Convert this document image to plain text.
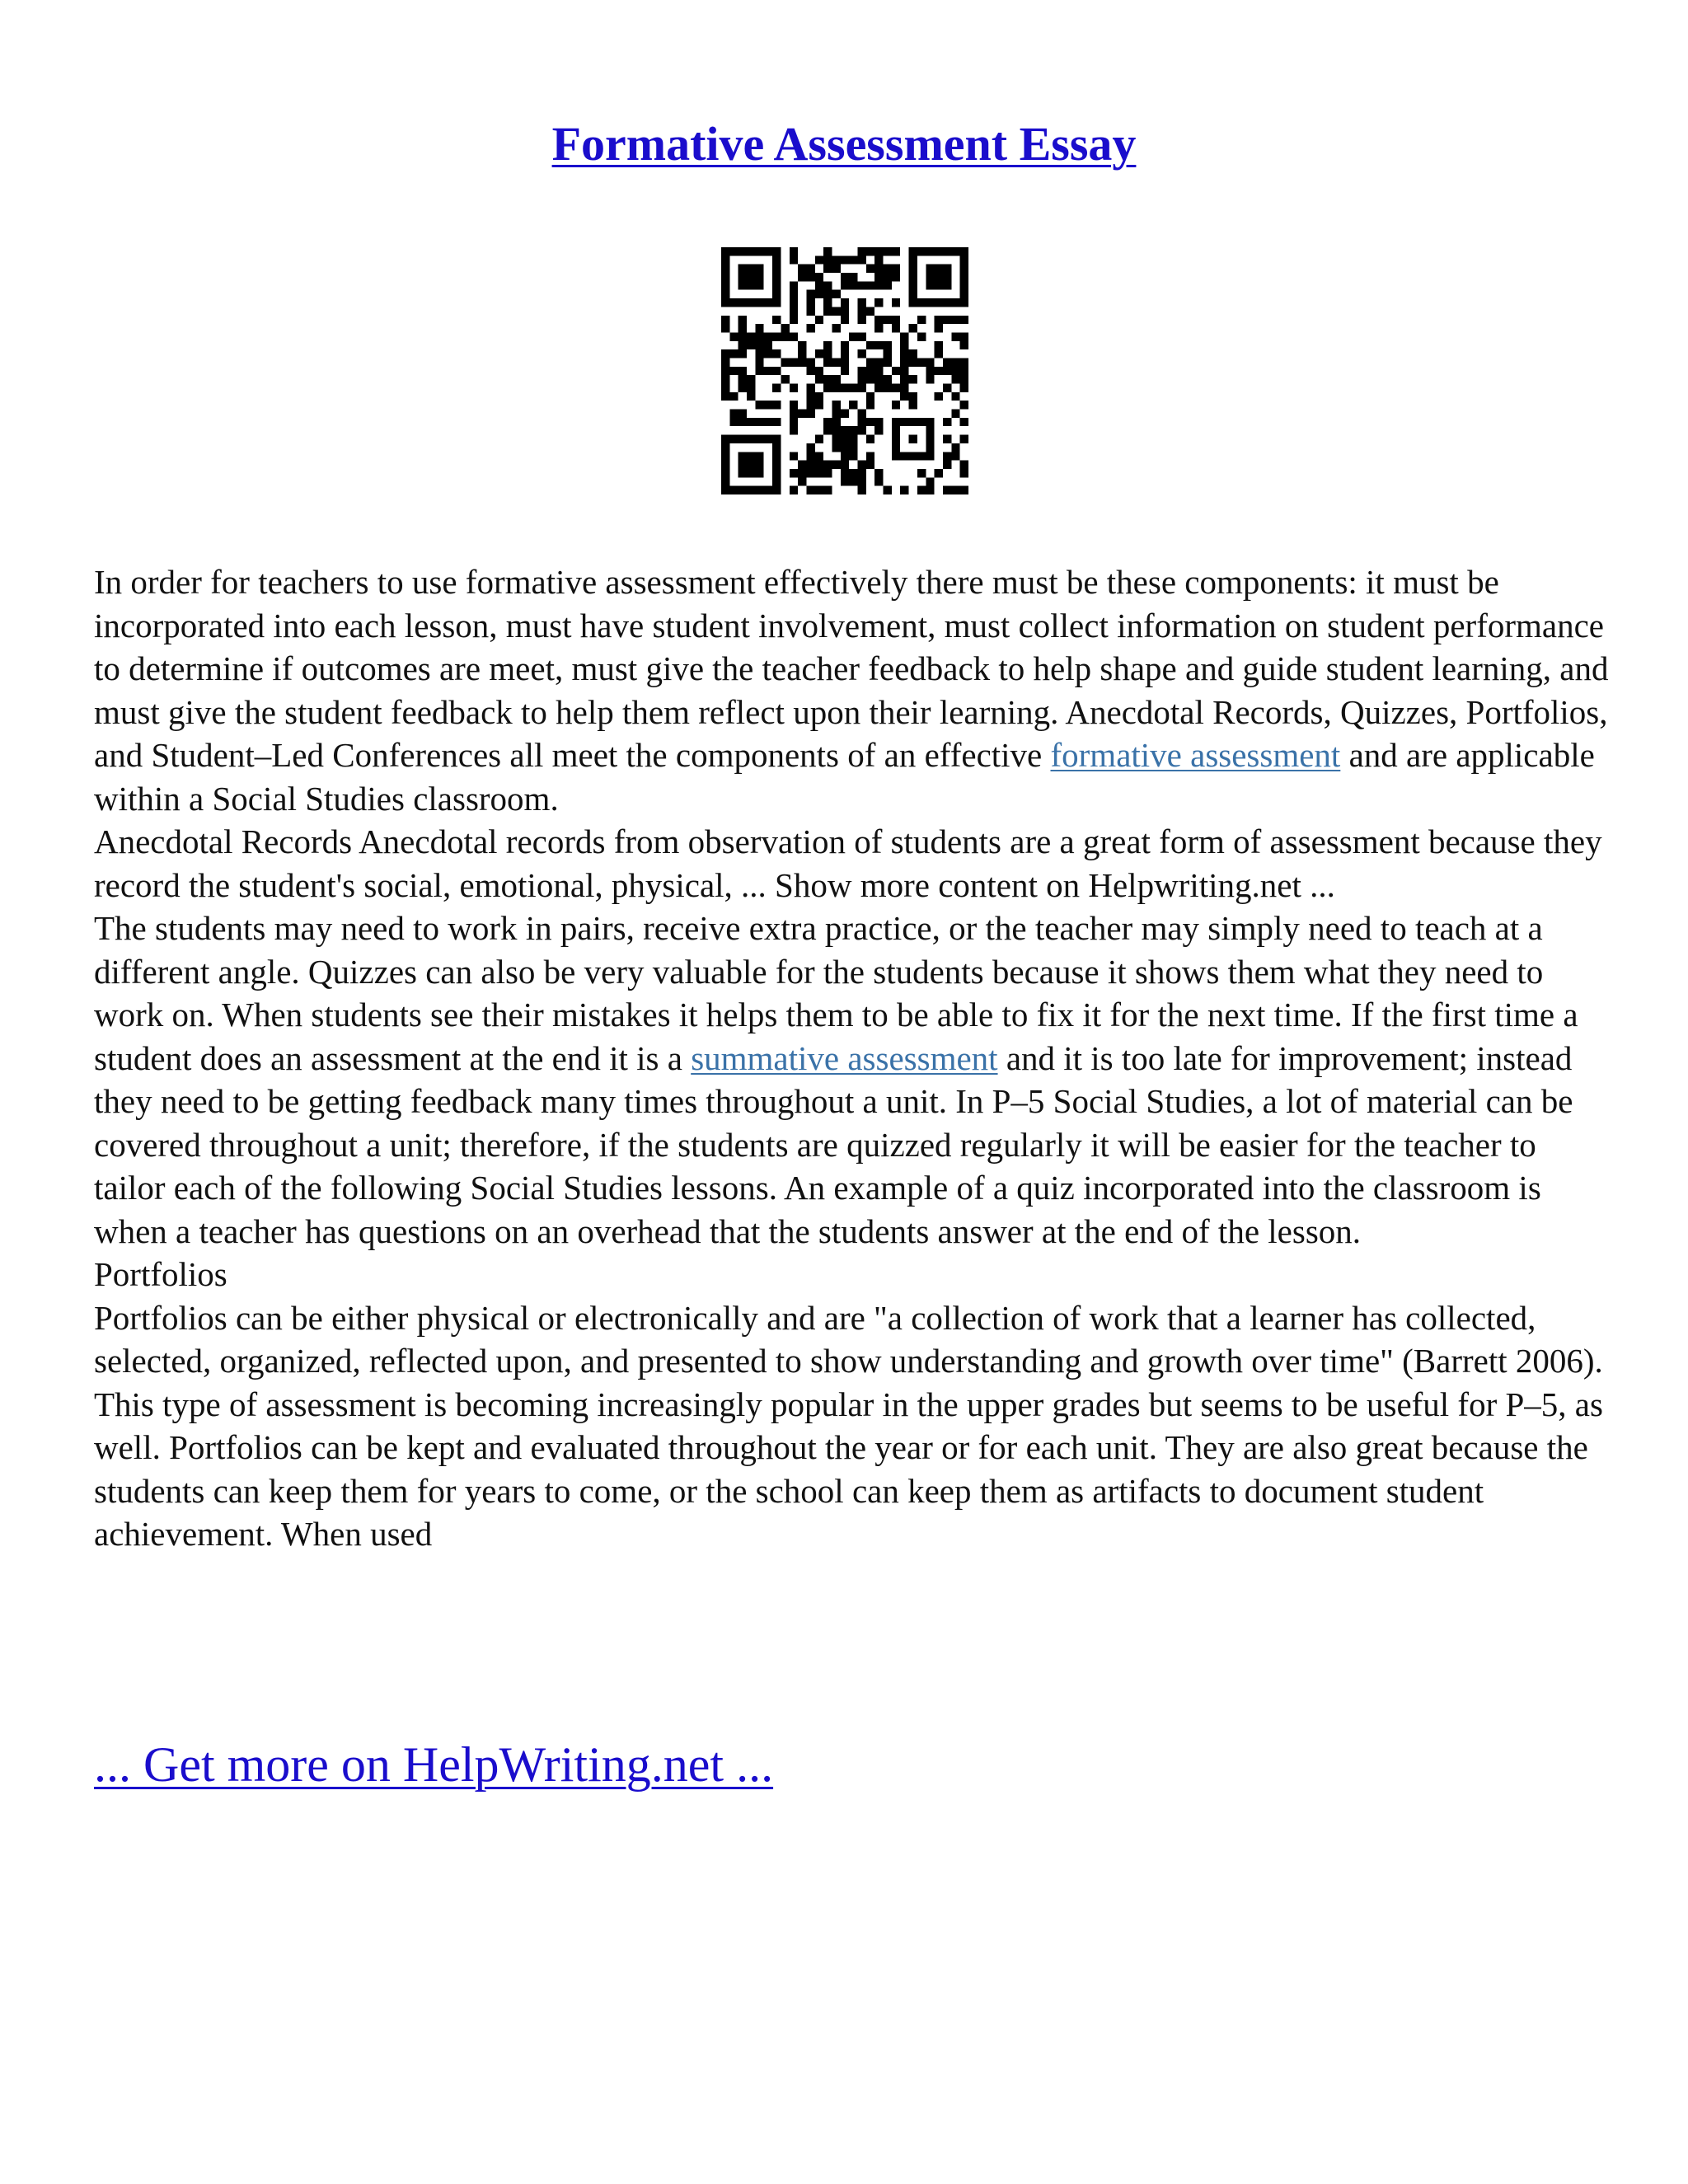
Formative Assessment Essay

In order for teachers to use formative assessment effectively there must be these components: it must be incorporated into each lesson, must have student involvement, must collect information on student performance to determine if outcomes are meet, must give the teacher feedback to help shape and guide student learning, and must give the student feedback to help them reflect upon their learning. Anecdotal Records, Quizzes, Portfolios, and Student–Led Conferences all meet the components of an effective formative assessment and are applicable within a Social Studies classroom.

Anecdotal Records Anecdotal records from observation of students are a great form of assessment because they record the student's social, emotional, physical, ... Show more content on Helpwriting.net ...

The students may need to work in pairs, receive extra practice, or the teacher may simply need to teach at a different angle. Quizzes can also be very valuable for the students because it shows them what they need to work on. When students see their mistakes it helps them to be able to fix it for the next time. If the first time a student does an assessment at the end it is a summative assessment and it is too late for improvement; instead they need to be getting feedback many times throughout a unit. In P–5 Social Studies, a lot of material can be covered throughout a unit; therefore, if the students are quizzed regularly it will be easier for the teacher to tailor each of the following Social Studies lessons. An example of a quiz incorporated into the classroom is when a teacher has questions on an overhead that the students answer at the end of the lesson.

Portfolios

Portfolios can be either physical or electronically and are "a collection of work that a learner has collected, selected, organized, reflected upon, and presented to show understanding and growth over time" (Barrett 2006). This type of assessment is becoming increasingly popular in the upper grades but seems to be useful for P–5, as well. Portfolios can be kept and evaluated throughout the year or for each unit. They are also great because the students can keep them for years to come, or the school can keep them as artifacts to document student achievement. When used

... Get more on HelpWriting.net ...
